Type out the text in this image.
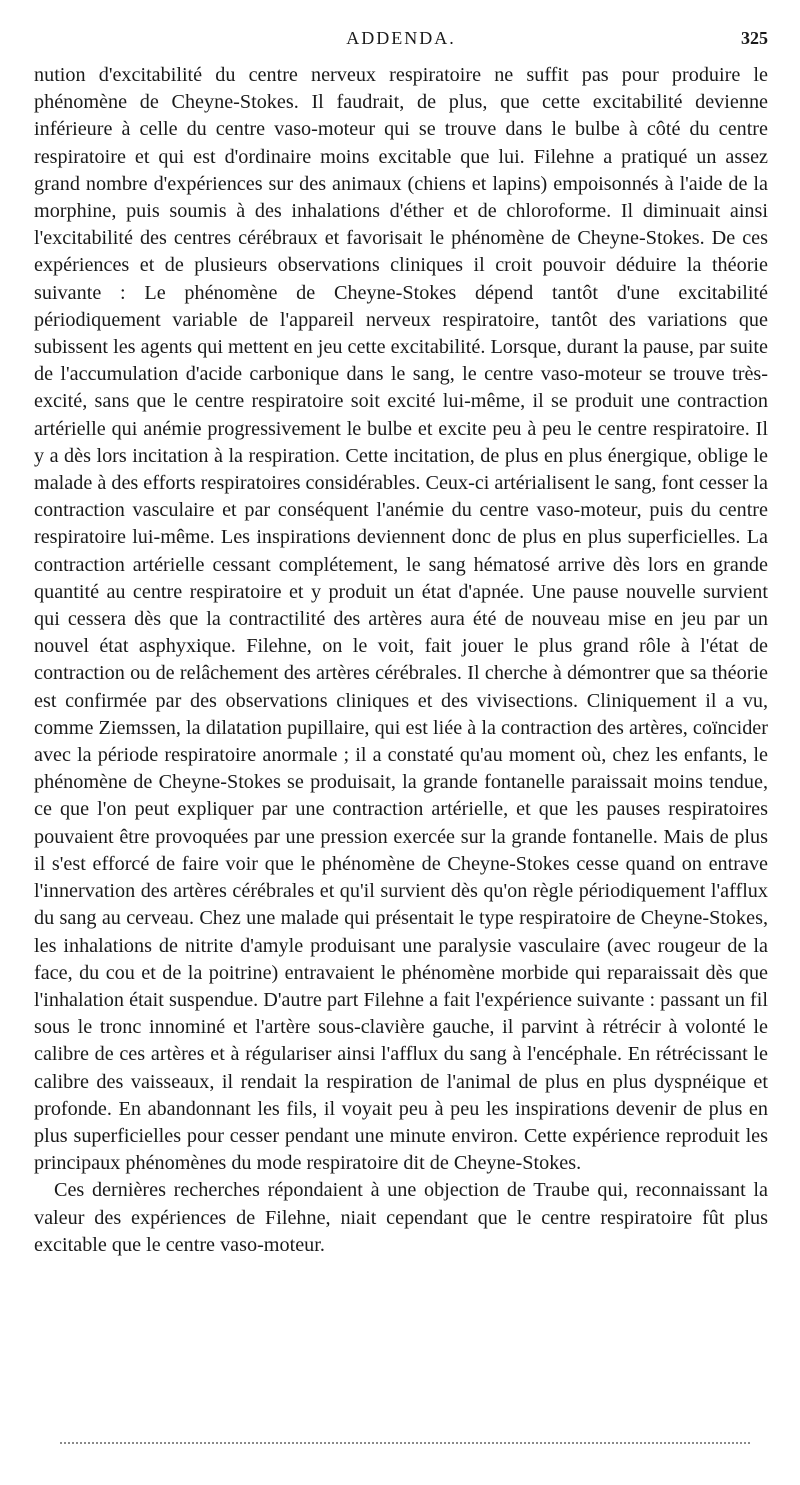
ADDENDA.	325

nution d'excitabilité du centre nerveux respiratoire ne suffit pas pour produire le phénomène de Cheyne-Stokes. Il faudrait, de plus, que cette excitabilité devienne inférieure à celle du centre vaso-moteur qui se trouve dans le bulbe à côté du centre respiratoire et qui est d'ordinaire moins excitable que lui. Filehne a pratiqué un assez grand nombre d'expériences sur des animaux (chiens et lapins) empoisonnés à l'aide de la morphine, puis soumis à des inhalations d'éther et de chloroforme. Il diminuait ainsi l'excitabilité des centres cérébraux et favorisait le phénomène de Cheyne-Stokes. De ces expériences et de plusieurs observations cliniques il croit pouvoir déduire la théorie suivante : Le phénomène de Cheyne-Stokes dépend tantôt d'une excitabilité périodiquement variable de l'appareil nerveux respiratoire, tantôt des variations que subissent les agents qui mettent en jeu cette excitabilité. Lorsque, durant la pause, par suite de l'accumulation d'acide carbonique dans le sang, le centre vaso-moteur se trouve très-excité, sans que le centre respiratoire soit excité lui-même, il se produit une contraction artérielle qui anémie progressivement le bulbe et excite peu à peu le centre respiratoire. Il y a dès lors incitation à la respiration. Cette incitation, de plus en plus énergique, oblige le malade à des efforts respiratoires considérables. Ceux-ci artérialisent le sang, font cesser la contraction vasculaire et par conséquent l'anémie du centre vaso-moteur, puis du centre respiratoire lui-même. Les inspirations deviennent donc de plus en plus superficielles. La contraction artérielle cessant complétement, le sang hématosé arrive dès lors en grande quantité au centre respiratoire et y produit un état d'apnée. Une pause nouvelle survient qui cessera dès que la contractilité des artères aura été de nouveau mise en jeu par un nouvel état asphyxique. Filehne, on le voit, fait jouer le plus grand rôle à l'état de contraction ou de relâchement des artères cérébrales. Il cherche à démontrer que sa théorie est confirmée par des observations cliniques et des vivisections. Cliniquement il a vu, comme Ziemssen, la dilatation pupillaire, qui est liée à la contraction des artères, coïncider avec la période respiratoire anormale ; il a constaté qu'au moment où, chez les enfants, le phénomène de Cheyne-Stokes se produisait, la grande fontanelle paraissait moins tendue, ce que l'on peut expliquer par une contraction artérielle, et que les pauses respiratoires pouvaient être provoquées par une pression exercée sur la grande fontanelle. Mais de plus il s'est efforcé de faire voir que le phénomène de Cheyne-Stokes cesse quand on entrave l'innervation des artères cérébrales et qu'il survient dès qu'on règle périodiquement l'afflux du sang au cerveau. Chez une malade qui présentait le type respiratoire de Cheyne-Stokes, les inhalations de nitrite d'amyle produisant une paralysie vasculaire (avec rougeur de la face, du cou et de la poitrine) entravaient le phénomène morbide qui reparaissait dès que l'inhalation était suspendue. D'autre part Filehne a fait l'expérience suivante : passant un fil sous le tronc innominé et l'artère sous-clavière gauche, il parvint à rétrécir à volonté le calibre de ces artères et à régulariser ainsi l'afflux du sang à l'encéphale. En rétrécissant le calibre des vaisseaux, il rendait la respiration de l'animal de plus en plus dyspnéique et profonde. En abandonnant les fils, il voyait peu à peu les inspirations devenir de plus en plus superficielles pour cesser pendant une minute environ. Cette expérience reproduit les principaux phénomènes du mode respiratoire dit de Cheyne-Stokes.

Ces dernières recherches répondaient à une objection de Traube qui, reconnaissant la valeur des expériences de Filehne, niait cependant que le centre respiratoire fût plus excitable que le centre vaso-moteur.
